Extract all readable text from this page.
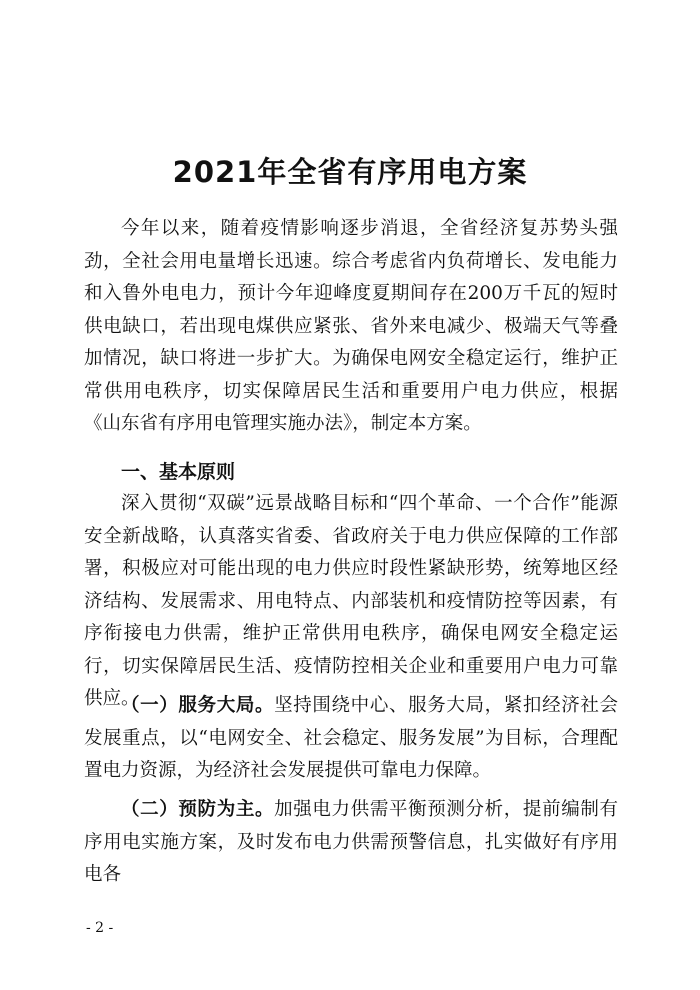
2021年全省有序用电方案

今年以来，随着疫情影响逐步消退，全省经济复苏势头强劲，全社会用电量增长迅速。综合考虑省内负荷增长、发电能力和入鲁外电电力，预计今年迎峰度夏期间存在200万千瓦的短时供电缺口，若出现电煤供应紧张、省外来电减少、极端天气等叠加情况，缺口将进一步扩大。为确保电网安全稳定运行，维护正常供用电秩序，切实保障居民生活和重要用户电力供应，根据《山东省有序用电管理实施办法》，制定本方案。

一、基本原则

深入贯彻“双碳”远景战略目标和“四个革命、一个合作”能源安全新战略，认真落实省委、省政府关于电力供应保障的工作部署，积极应对可能出现的电力供应时段性紧缺形势，统筹地区经济结构、发展需求、用电特点、内部装机和疫情防控等因素，有序衔接电力供需，维护正常供用电秩序，确保电网安全稳定运行，切实保障居民生活、疫情防控相关企业和重要用户电力可靠供应。

（一）服务大局。坚持围绕中心、服务大局，紧扣经济社会发展重点，以“电网安全、社会稳定、服务发展”为目标，合理配置电力资源，为经济社会发展提供可靠电力保障。

（二）预防为主。加强电力供需平衡预测分析，提前编制有序用电实施方案，及时发布电力供需预警信息，扎实做好有序用电各

- 2 -
